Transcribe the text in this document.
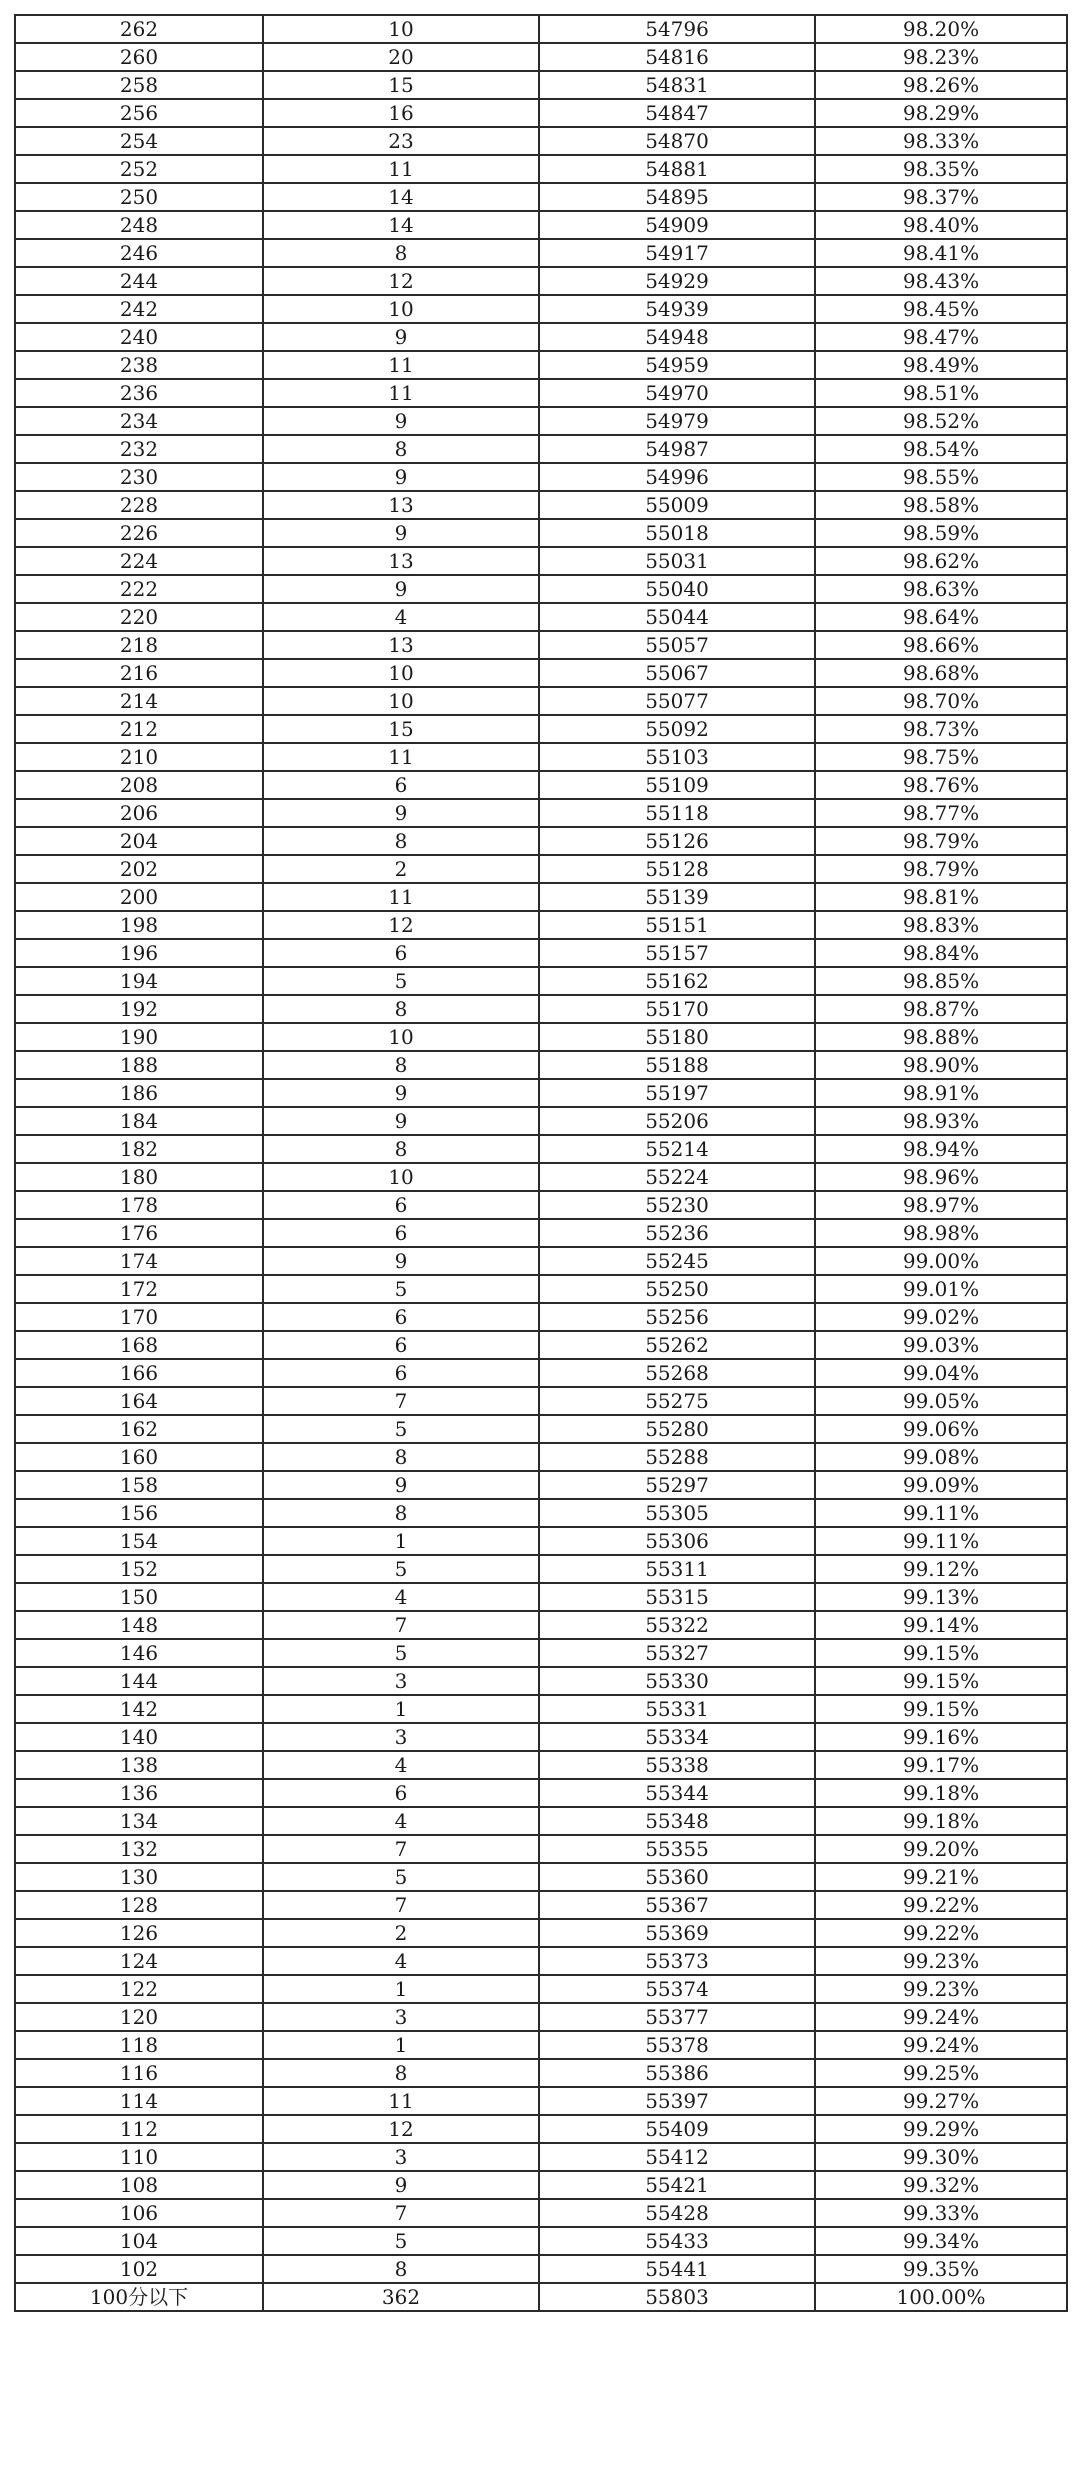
262	10	54796	98.20%
260	20	54816	98.23%
258	15	54831	98.26%
256	16	54847	98.29%
254	23	54870	98.33%
252	11	54881	98.35%
250	14	54895	98.37%
248	14	54909	98.40%
246	8	54917	98.41%
244	12	54929	98.43%
242	10	54939	98.45%
240	9	54948	98.47%
238	11	54959	98.49%
236	11	54970	98.51%
234	9	54979	98.52%
232	8	54987	98.54%
230	9	54996	98.55%
228	13	55009	98.58%
226	9	55018	98.59%
224	13	55031	98.62%
222	9	55040	98.63%
220	4	55044	98.64%
218	13	55057	98.66%
216	10	55067	98.68%
214	10	55077	98.70%
212	15	55092	98.73%
210	11	55103	98.75%
208	6	55109	98.76%
206	9	55118	98.77%
204	8	55126	98.79%
202	2	55128	98.79%
200	11	55139	98.81%
198	12	55151	98.83%
196	6	55157	98.84%
194	5	55162	98.85%
192	8	55170	98.87%
190	10	55180	98.88%
188	8	55188	98.90%
186	9	55197	98.91%
184	9	55206	98.93%
182	8	55214	98.94%
180	10	55224	98.96%
178	6	55230	98.97%
176	6	55236	98.98%
174	9	55245	99.00%
172	5	55250	99.01%
170	6	55256	99.02%
168	6	55262	99.03%
166	6	55268	99.04%
164	7	55275	99.05%
162	5	55280	99.06%
160	8	55288	99.08%
158	9	55297	99.09%
156	8	55305	99.11%
154	1	55306	99.11%
152	5	55311	99.12%
150	4	55315	99.13%
148	7	55322	99.14%
146	5	55327	99.15%
144	3	55330	99.15%
142	1	55331	99.15%
140	3	55334	99.16%
138	4	55338	99.17%
136	6	55344	99.18%
134	4	55348	99.18%
132	7	55355	99.20%
130	5	55360	99.21%
128	7	55367	99.22%
126	2	55369	99.22%
124	4	55373	99.23%
122	1	55374	99.23%
120	3	55377	99.24%
118	1	55378	99.24%
116	8	55386	99.25%
114	11	55397	99.27%
112	12	55409	99.29%
110	3	55412	99.30%
108	9	55421	99.32%
106	7	55428	99.33%
104	5	55433	99.34%
102	8	55441	99.35%
100分以下	362	55803	100.00%
